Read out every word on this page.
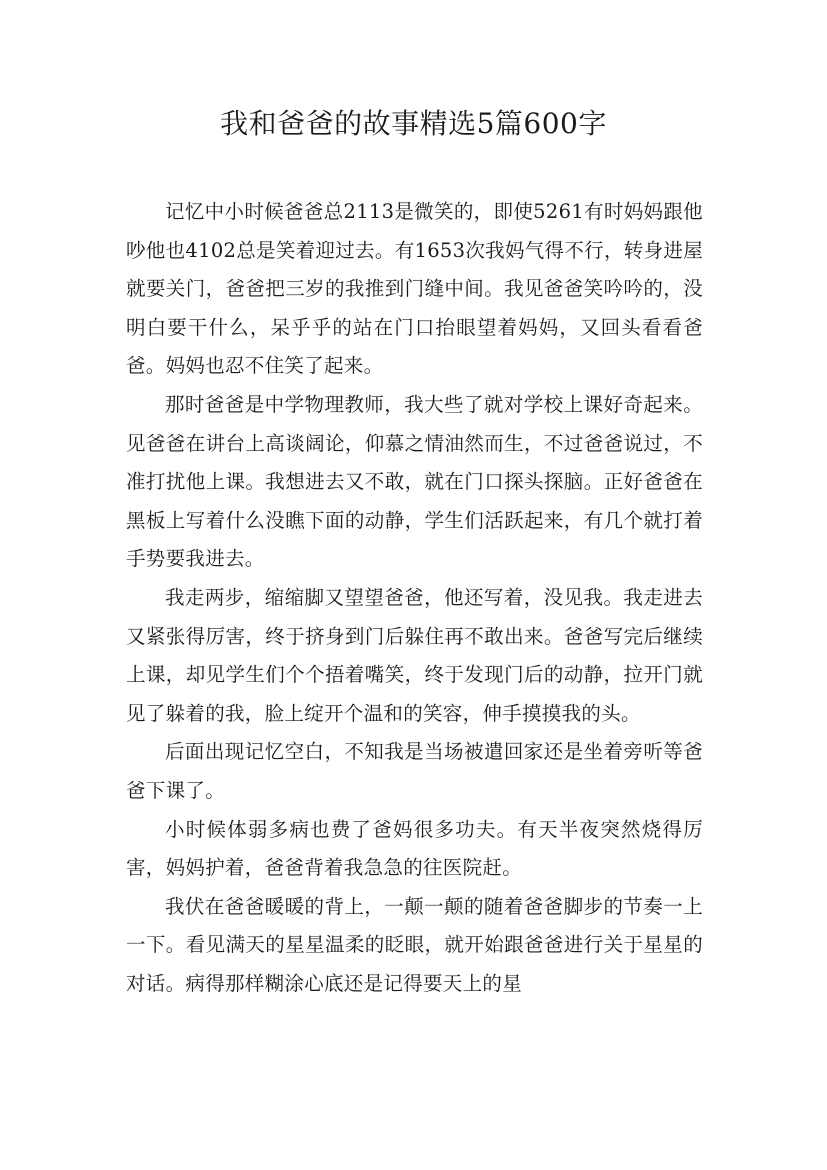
我和爸爸的故事精选5篇600字

记忆中小时候爸爸总2113是微笑的，即使5261有时妈妈跟他吵他也4102总是笑着迎过去。有1653次我妈气得不行，转身进屋就要关门，爸爸把三岁的我推到门缝中间。我见爸爸笑吟吟的，没明白要干什么，呆乎乎的站在门口抬眼望着妈妈，又回头看看爸爸。妈妈也忍不住笑了起来。

那时爸爸是中学物理教师，我大些了就对学校上课好奇起来。见爸爸在讲台上高谈阔论，仰慕之情油然而生，不过爸爸说过，不准打扰他上课。我想进去又不敢，就在门口探头探脑。正好爸爸在黑板上写着什么没瞧下面的动静，学生们活跃起来，有几个就打着手势要我进去。

我走两步，缩缩脚又望望爸爸，他还写着，没见我。我走进去又紧张得厉害，终于挤身到门后躲住再不敢出来。爸爸写完后继续上课，却见学生们个个捂着嘴笑，终于发现门后的动静，拉开门就见了躲着的我，脸上绽开个温和的笑容，伸手摸摸我的头。

后面出现记忆空白，不知我是当场被遣回家还是坐着旁听等爸爸下课了。

小时候体弱多病也费了爸妈很多功夫。有天半夜突然烧得厉害，妈妈护着，爸爸背着我急急的往医院赶。

我伏在爸爸暖暖的背上，一颠一颠的随着爸爸脚步的节奏一上一下。看见满天的星星温柔的眨眼，就开始跟爸爸进行关于星星的对话。病得那样糊涂心底还是记得要天上的星
